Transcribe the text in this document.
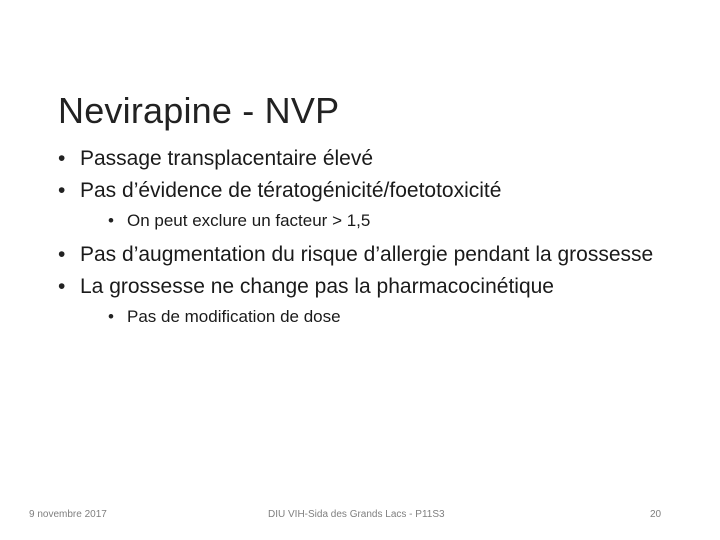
Nevirapine - NVP
• Passage transplacentaire élevé
• Pas d’évidence de tératogénicité/foetotoxicité
• On peut exclure un facteur > 1,5
• Pas d’augmentation du risque d’allergie pendant la grossesse
• La grossesse ne change pas la pharmacocinétique
• Pas de modification de dose
9 novembre 2017	DIU VIH-Sida des Grands Lacs - P11S3	20
